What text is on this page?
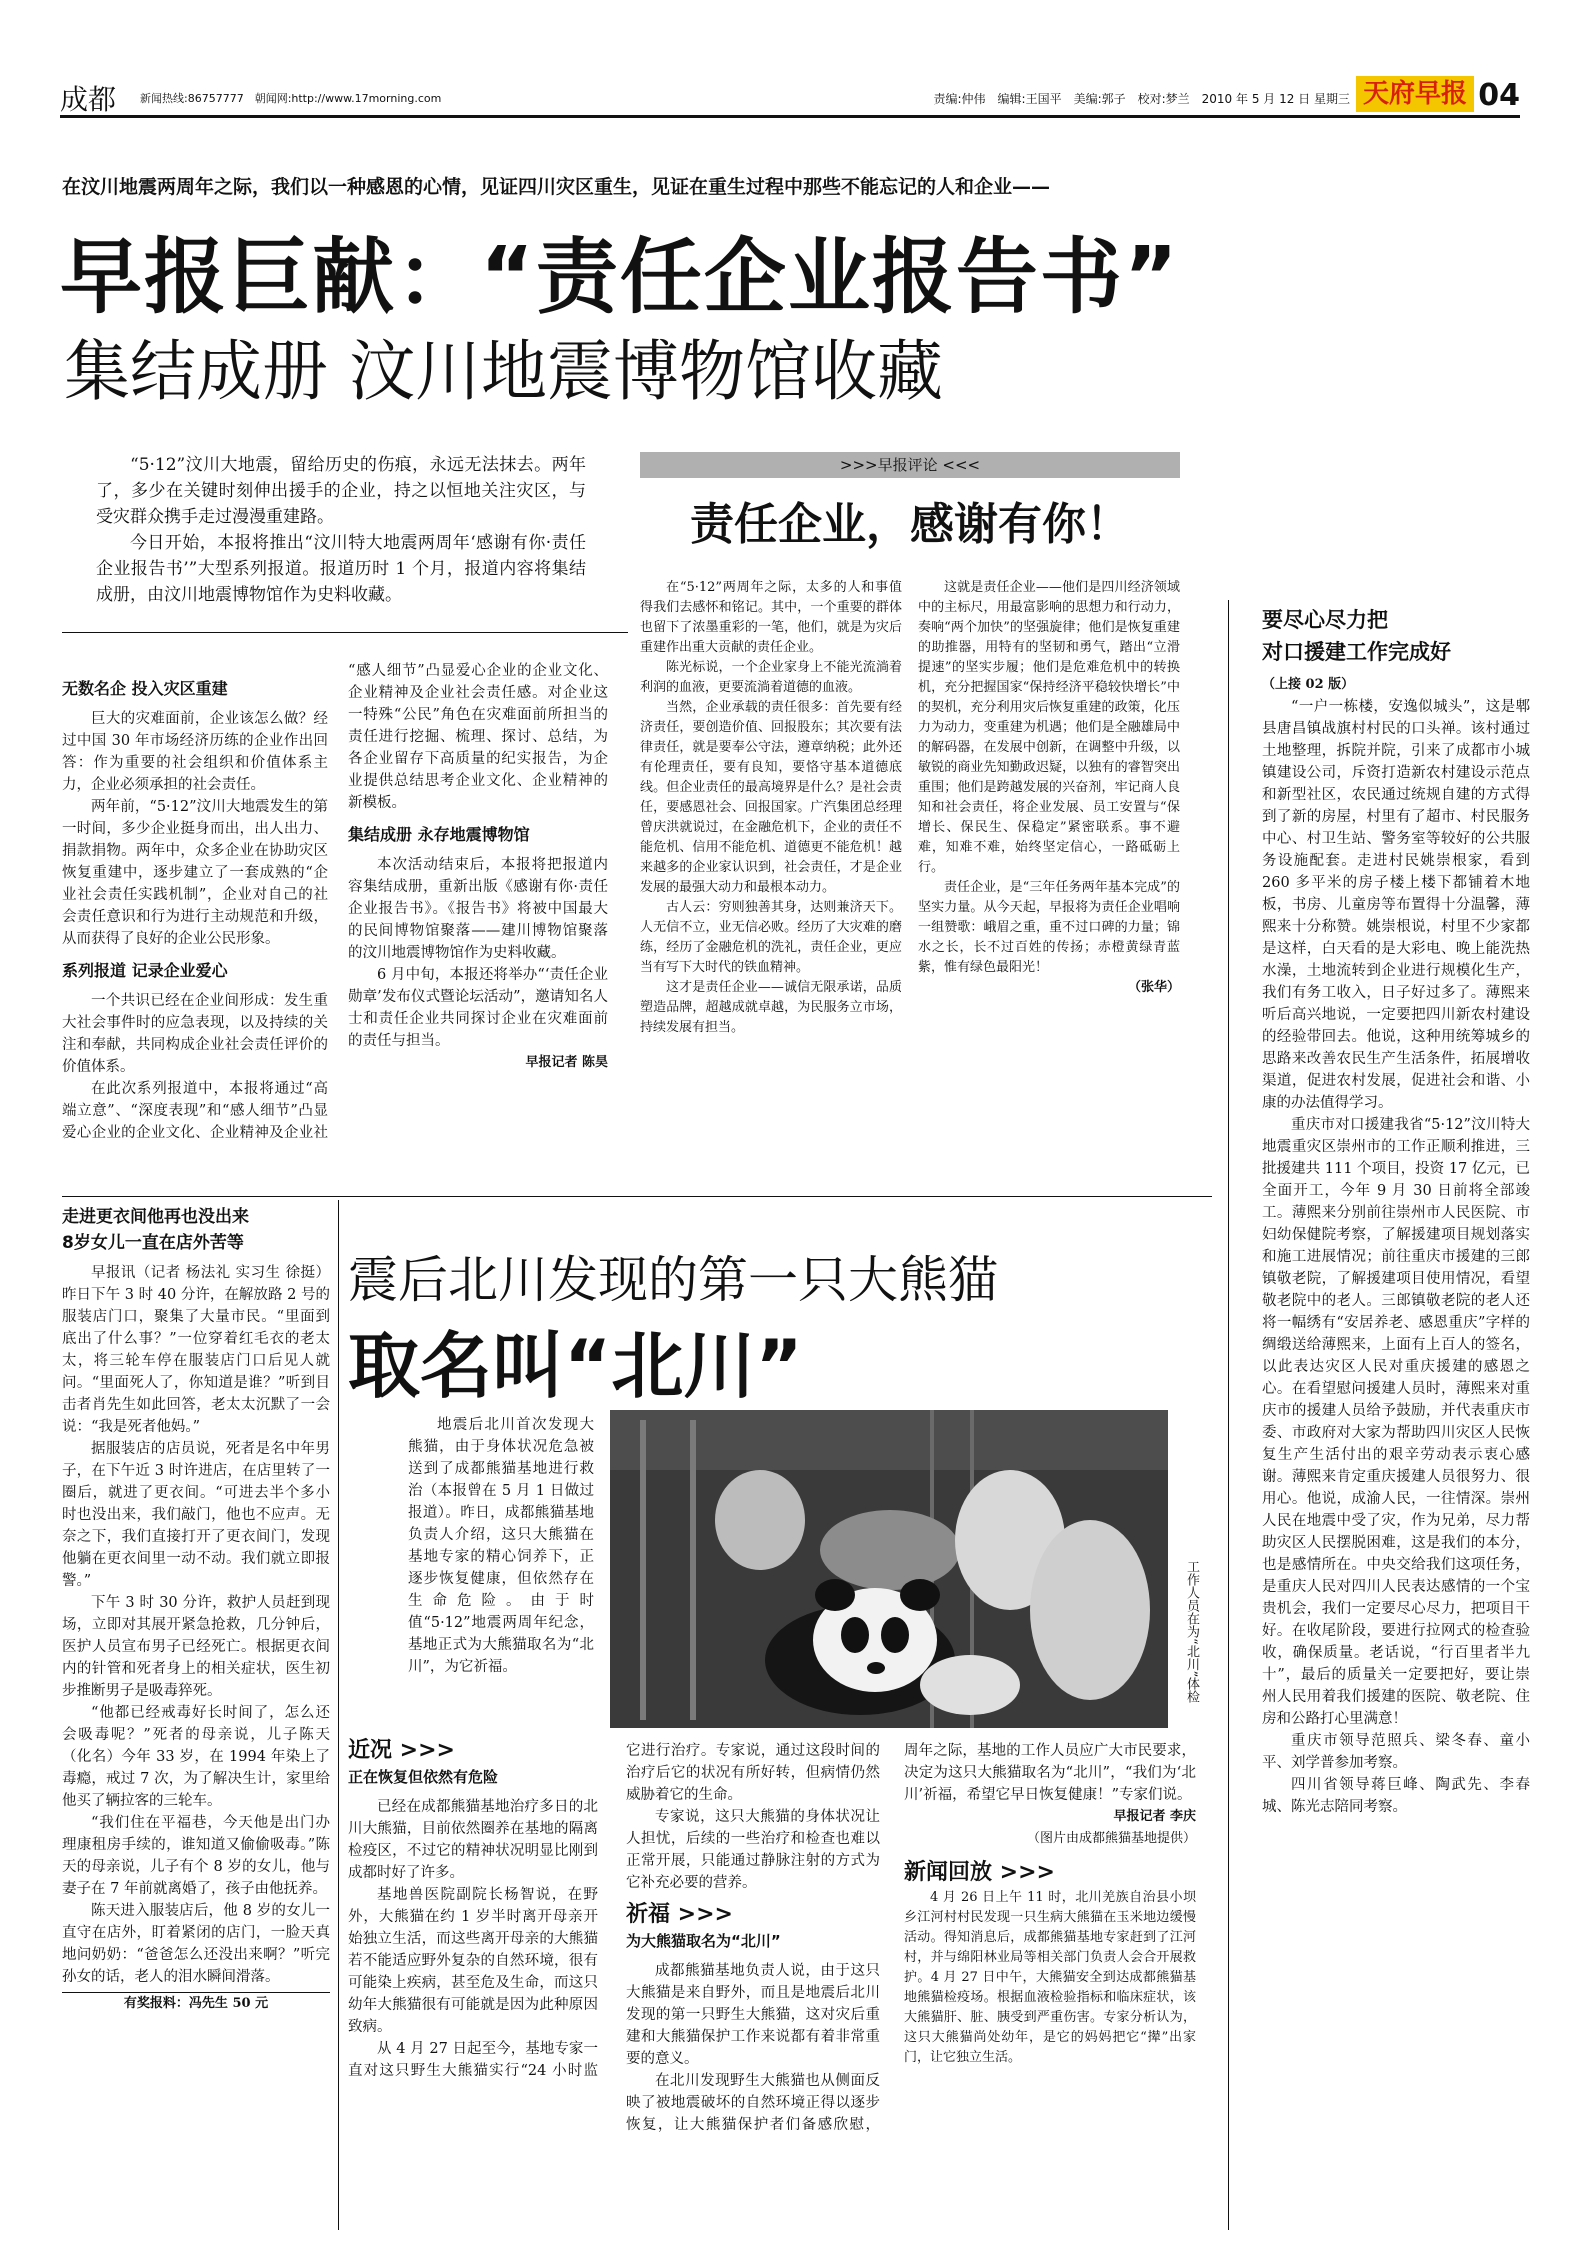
成都 新闻热线:86757777　朝闻网:http://www.17morning.com	责编:仲伟　编辑:王国平　美编:郭子　校对:梦兰　2010 年 5 月 12 日 星期三 天府早报 04
在汶川地震两周年之际，我们以一种感恩的心情，见证四川灾区重生，见证在重生过程中那些不能忘记的人和企业——
早报巨献：“责任企业报告书”
集结成册 汶川地震博物馆收藏

“5·12”汶川大地震，留给历史的伤痕，永远无法抹去。两年了，多少在关键时刻伸出援手的企业，持之以恒地关注灾区，与受灾群众携手走过漫漫重建路。

今日开始，本报将推出“汶川特大地震两周年‘感谢有你·责任企业报告书’”大型系列报道。报道历时 1 个月，报道内容将集结成册，由汶川地震博物馆作为史料收藏。

无数名企 投入灾区重建

巨大的灾难面前，企业该怎么做？经过中国 30 年市场经济历练的企业作出回答：作为重要的社会组织和价值体系主力，企业必须承担的社会责任。

两年前，“5·12”汶川大地震发生的第一时间，多少企业挺身而出，出人出力、捐款捐物。两年中，众多企业在协助灾区恢复重建中，逐步建立了一套成熟的“企业社会责任实践机制”，企业对自己的社会责任意识和行为进行主动规范和升级，从而获得了良好的企业公民形象。

系列报道 记录企业爱心

一个共识已经在企业间形成：发生重大社会事件时的应急表现，以及持续的关注和奉献，共同构成企业社会责任评价的价值体系。

在此次系列报道中，本报将通过“高端立意”、“深度表现”和“感人细节”凸显爱心企业的企业文化、企业精神及企业社

“感人细节”凸显爱心企业的企业文化、企业精神及企业社会责任感。对企业这一特殊“公民”角色在灾难面前所担当的责任进行挖掘、梳理、探讨、总结，为各企业留存下高质量的纪实报告，为企业提供总结思考企业文化、企业精神的新模板。

集结成册 永存地震博物馆

本次活动结束后，本报将把报道内容集结成册，重新出版《感谢有你·责任企业报告书》。《报告书》将被中国最大的民间博物馆聚落——建川博物馆聚落的汶川地震博物馆作为史料收藏。

6 月中旬，本报还将举办“‘责任企业勋章’发布仪式暨论坛活动”，邀请知名人士和责任企业共同探讨企业在灾难面前的责任与担当。

早报记者 陈昊

>>>早报评论 <<<
责任企业，感谢有你！

在“5·12”两周年之际，太多的人和事值得我们去感怀和铭记。其中，一个重要的群体也留下了浓墨重彩的一笔，他们，就是为灾后重建作出重大贡献的责任企业。

陈光标说，一个企业家身上不能光流淌着利润的血液，更要流淌着道德的血液。

当然，企业承载的责任很多：首先要有经济责任，要创造价值、回报股东；其次要有法律责任，就是要奉公守法，遵章纳税；此外还有伦理责任，要有良知，要恪守基本道德底线。但企业责任的最高境界是什么？是社会责任，要感恩社会、回报国家。广汽集团总经理曾庆洪就说过，在金融危机下，企业的责任不能危机、信用不能危机、道德更不能危机！越来越多的企业家认识到，社会责任，才是企业发展的最强大动力和最根本动力。

古人云：穷则独善其身，达则兼济天下。人无信不立，业无信必败。经历了大灾难的磨练，经历了金融危机的洗礼，责任企业，更应当有写下大时代的铁血精神。

这才是责任企业——诚信无限承诺，品质塑造品牌，超越成就卓越，为民服务立市场，持续发展有担当。

这就是责任企业——他们是四川经济领域中的主标尺，用最富影响的思想力和行动力，奏响“两个加快”的坚强旋律；他们是恢复重建的助推器，用特有的坚韧和勇气，踏出“立滑提速”的坚实步履；他们是危难危机中的转换机，充分把握国家“保持经济平稳较快增长”中的契机，充分利用灾后恢复重建的政策，化压力为动力，变重建为机遇；他们是全融雄局中的解码器，在发展中创新，在调整中升级，以敏锐的商业先知勤政迟疑，以独有的睿智突出重围；他们是跨越发展的兴奋剂，牢记商人良知和社会责任，将企业发展、员工安置与“保增长、保民生、保稳定”紧密联系。事不避难，知难不难，始终坚定信心，一路砥砺上行。

责任企业，是“三年任务两年基本完成”的坚实力量。从今天起，早报将为责任企业唱响一组赞歌：峨眉之重，重不过口碑的力量；锦水之长，长不过百姓的传扬；赤橙黄绿青蓝紫，惟有绿色最阳光！

（张华）

要尽心尽力把
对口援建工作完成好

（上接 02 版）

“一户一栋楼，安逸似城头”，这是郫县唐昌镇战旗村村民的口头禅。该村通过土地整理，拆院并院，引来了成都市小城镇建设公司，斥资打造新农村建设示范点和新型社区，农民通过统规自建的方式得到了新的房屋，村里有了超市、村民服务中心、村卫生站、警务室等较好的公共服务设施配套。走进村民姚崇根家，看到 260 多平米的房子楼上楼下都铺着木地板，书房、儿童房等布置得十分温馨，薄熙来十分称赞。姚崇根说，村里不少家都是这样，白天看的是大彩电、晚上能洗热水澡，土地流转到企业进行规模化生产，我们有务工收入，日子好过多了。薄熙来听后高兴地说，一定要把四川新农村建设的经验带回去。他说，这种用统筹城乡的思路来改善农民生产生活条件，拓展增收渠道，促进农村发展，促进社会和谐、小康的办法值得学习。

重庆市对口援建我省“5·12”汶川特大地震重灾区崇州市的工作正顺利推进，三批援建共 111 个项目，投资 17 亿元，已全面开工，今年 9 月 30 日前将全部竣工。薄熙来分别前往崇州市人民医院、市妇幼保健院考察，了解援建项目规划落实和施工进展情况；前往重庆市援建的三郎镇敬老院，了解援建项目使用情况，看望敬老院中的老人。三郎镇敬老院的老人还将一幅绣有“安居养老、感恩重庆”字样的绸缎送给薄熙来，上面有上百人的签名，以此表达灾区人民对重庆援建的感恩之心。在看望慰问援建人员时，薄熙来对重庆市的援建人员给予鼓励，并代表重庆市委、市政府对大家为帮助四川灾区人民恢复生产生活付出的艰辛劳动表示衷心感谢。薄熙来肯定重庆援建人员很努力、很用心。他说，成渝人民，一往情深。崇州人民在地震中受了灾，作为兄弟，尽力帮助灾区人民摆脱困难，这是我们的本分，也是感情所在。中央交给我们这项任务，是重庆人民对四川人民表达感情的一个宝贵机会，我们一定要尽心尽力，把项目干好。在收尾阶段，要进行拉网式的检查验收，确保质量。老话说，“行百里者半九十”，最后的质量关一定要把好，要让崇州人民用着我们援建的医院、敬老院、住房和公路打心里满意！

重庆市领导范照兵、梁冬春、童小平、刘学普参加考察。

四川省领导蒋巨峰、陶武先、李春城、陈光志陪同考察。

走进更衣间他再也没出来

8岁女儿一直在店外苦等

早报讯（记者 杨法礼 实习生 徐挺）昨日下午 3 时 40 分许，在解放路 2 号的服装店门口，聚集了大量市民。“里面到底出了什么事？”一位穿着红毛衣的老太太，将三轮车停在服装店门口后见人就问。“里面死人了，你知道是谁？”听到目击者肖先生如此回答，老太太沉默了一会说：“我是死者他妈。”

据服装店的店员说，死者是名中年男子，在下午近 3 时许进店，在店里转了一圈后，就进了更衣间。“可进去半个多小时也没出来，我们敲门，他也不应声。无奈之下，我们直接打开了更衣间门，发现他躺在更衣间里一动不动。我们就立即报警。”

下午 3 时 30 分许，救护人员赶到现场，立即对其展开紧急抢救，几分钟后，医护人员宣布男子已经死亡。根据更衣间内的针管和死者身上的相关症状，医生初步推断男子是吸毒猝死。

“他都已经戒毒好长时间了，怎么还会吸毒呢？”死者的母亲说，儿子陈天（化名）今年 33 岁，在 1994 年染上了毒瘾，戒过 7 次，为了解决生计，家里给他买了辆拉客的三轮车。

“我们住在平福巷，今天他是出门办理康租房手续的，谁知道又偷偷吸毒。”陈天的母亲说，儿子有个 8 岁的女儿，他与妻子在 7 年前就离婚了，孩子由他抚养。

陈天进入服装店后，他 8 岁的女儿一直守在店外，盯着紧闭的店门，一脸天真地问奶奶：“爸爸怎么还没出来啊？”听完孙女的话，老人的泪水瞬间滑落。

有奖报料：冯先生 50 元

震后北川发现的第一只大熊猫
取名叫“北川”

地震后北川首次发现大熊猫，由于身体状况危急被送到了成都熊猫基地进行救治（本报曾在 5 月 1 日做过报道）。昨日，成都熊猫基地负责人介绍，这只大熊猫在基地专家的精心饲养下，正逐步恢复健康，但依然存在生命危险。由于时值“5·12”地震两周年纪念，基地正式为大熊猫取名为“北川”，为它祈福。	工作人员在为“北川”体检

近况 >>>

正在恢复但依然有危险

已经在成都熊猫基地治疗多日的北川大熊猫，目前依然圈养在基地的隔离检疫区，不过它的精神状况明显比刚到成都时好了许多。

基地兽医院副院长杨智说，在野外，大熊猫在约 1 岁半时离开母亲开始独立生活，而这些离开母亲的大熊猫若不能适应野外复杂的自然环境，很有可能染上疾病，甚至危及生命，而这只幼年大熊猫很有可能就是因为此种原因致病。

从 4 月 27 日起至今，基地专家一直对这只野生大熊猫实行“24 小时监

它进行治疗。专家说，通过这段时间的治疗后它的状况有所好转，但病情仍然威胁着它的生命。

专家说，这只大熊猫的身体状况让人担忧，后续的一些治疗和检查也难以正常开展，只能通过静脉注射的方式为它补充必要的营养。

祈福 >>>

为大熊猫取名为“北川”

成都熊猫基地负责人说，由于这只大熊猫是来自野外，而且是地震后北川发现的第一只野生大熊猫，这对灾后重建和大熊猫保护工作来说都有着非常重要的意义。

在北川发现野生大熊猫也从侧面反映了被地震破坏的自然环境正得以逐步恢复，让大熊猫保护者们备感欣慰，

周年之际，基地的工作人员应广大市民要求，决定为这只大熊猫取名为“北川”，“我们为‘北川’祈福，希望它早日恢复健康！”专家们说。

早报记者 李庆

（图片由成都熊猫基地提供）

新闻回放 >>>

4 月 26 日上午 11 时，北川羌族自治县小坝乡江河村村民发现一只生病大熊猫在玉米地边缓慢活动。得知消息后，成都熊猫基地专家赶到了江河村，并与绵阳林业局等相关部门负责人会合开展救护。4 月 27 日中午，大熊猫安全到达成都熊猫基地熊猫检疫场。根据血液检验指标和临床症状，该大熊猫肝、脏、胰受到严重伤害。专家分析认为，这只大熊猫尚处幼年，是它的妈妈把它“撵”出家门，让它独立生活。
